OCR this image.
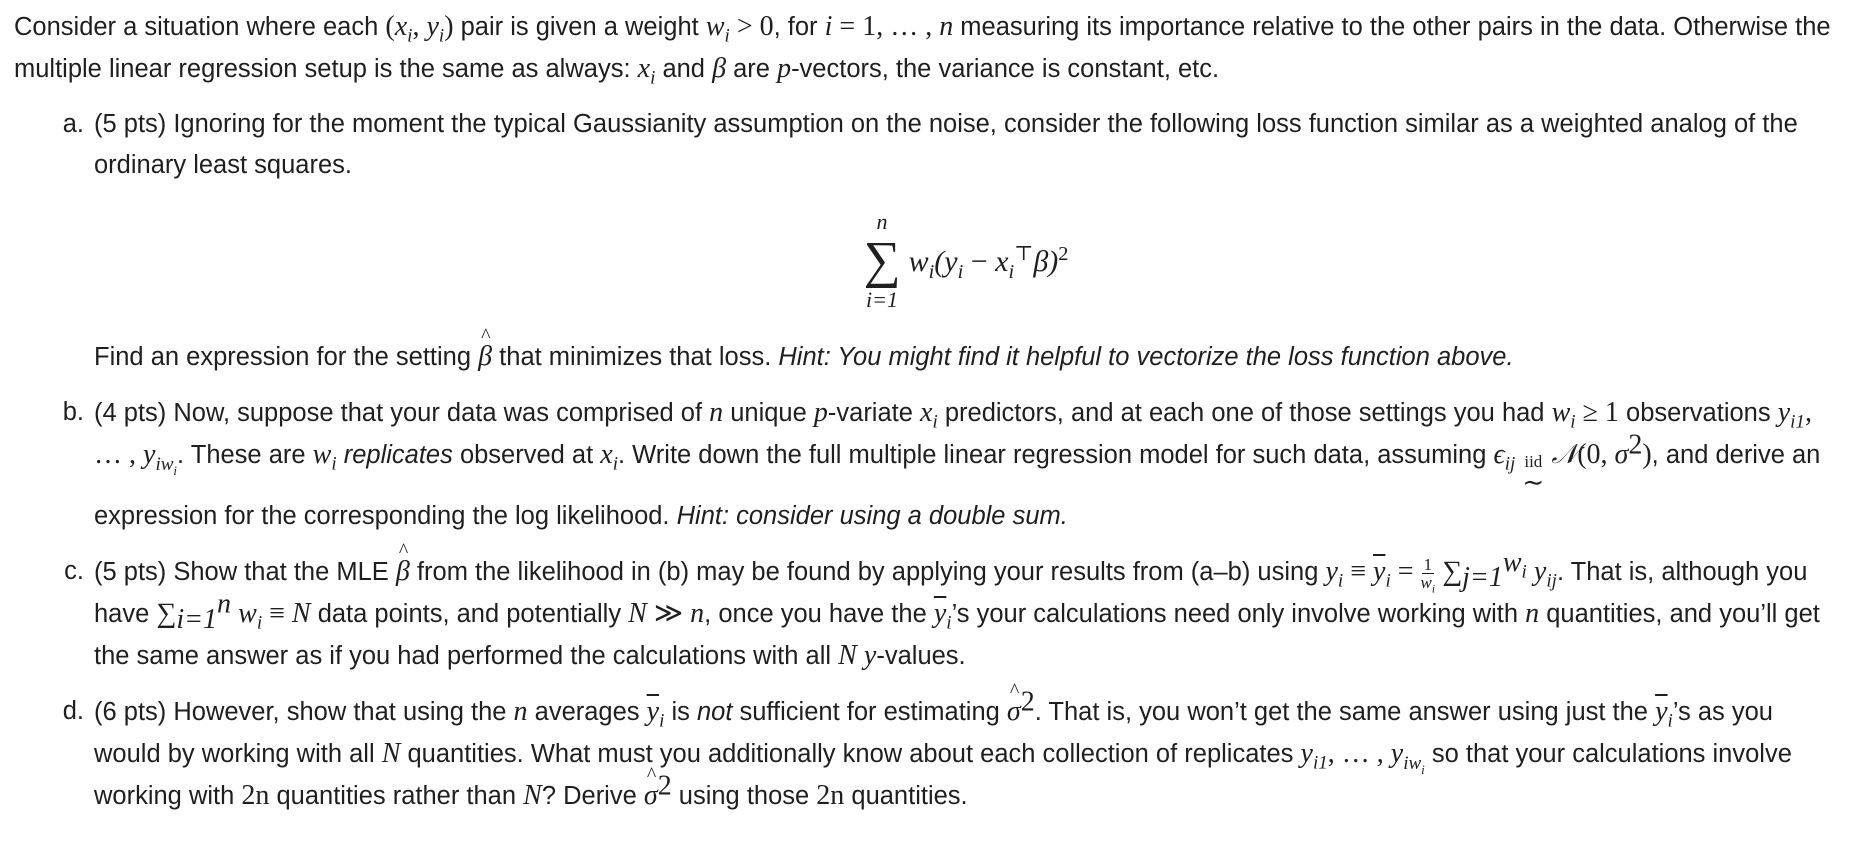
Consider a situation where each ($x_i$, $y_i$) pair is given a weight $w_i > 0$, for i = 1, … , n measuring its importance relative to the other pairs in the data. Otherwise the multiple linear regression setup is the same as always: $x_i$ and β are p-vectors, the variance is constant, etc.

a. (5 pts) Ignoring for the moment the typical Gaussianity assumption on the noise, consider the following loss function similar as a weighted analog of the ordinary least squares.

n
∑
i=1
$w_i(y_i - x_i^⊤\beta)^2$

Find an expression for the setting ^ β that minimizes that loss. Hint: You might find it helpful to vectorize the loss function above.

b. (4 pts) Now, suppose that your data was comprised of n unique p-variate $x_i$ predictors, and at each one of those settings you had $w_i \ge 1$ observations $y_{i1}$, … , $y_{iw_i}$. These are $w_i$ replicates observed at $x_i$. Write down the full multiple linear regression model for such data, assuming $\epsilon_{ij}$ iid
∼
𝒩(0, $\sigma^2$), and derive an expression for the corresponding the log likelihood. Hint: consider using a double sum.

c. (5 pts) Show that the MLE ^ β from the likelihood in (b) may be found by applying your results from (a–b) using $y_i \equiv \overline{y}_i = \frac{1}{w_i} \sum_{j=1}^{w_i}$ $y_{ij}$. That is, although you have $\sum_{i=1}^n$ $w_i \equiv N$ data points, and potentially N ≫ n, once you have the $\overline{y}_i’s$ your calculations need only involve working with n quantities, and you’ll get the same answer as if you had performed the calculations with all N y-values.

d. (6 pts) However, show that using the n averages $\overline{y}_i$ is not sufficient for estimating ^ $\sigma^2$. That is, you won’t get the same answer using just the $\overline{y}_i’s$ as you would by working with all N quantities. What must you additionally know about each collection of replicates $y_{i1}$, … , $y_{iw_i}$ so that your calculations involve working with 2n quantities rather than N? Derive ^ $\sigma^2$ using those 2n quantities.
